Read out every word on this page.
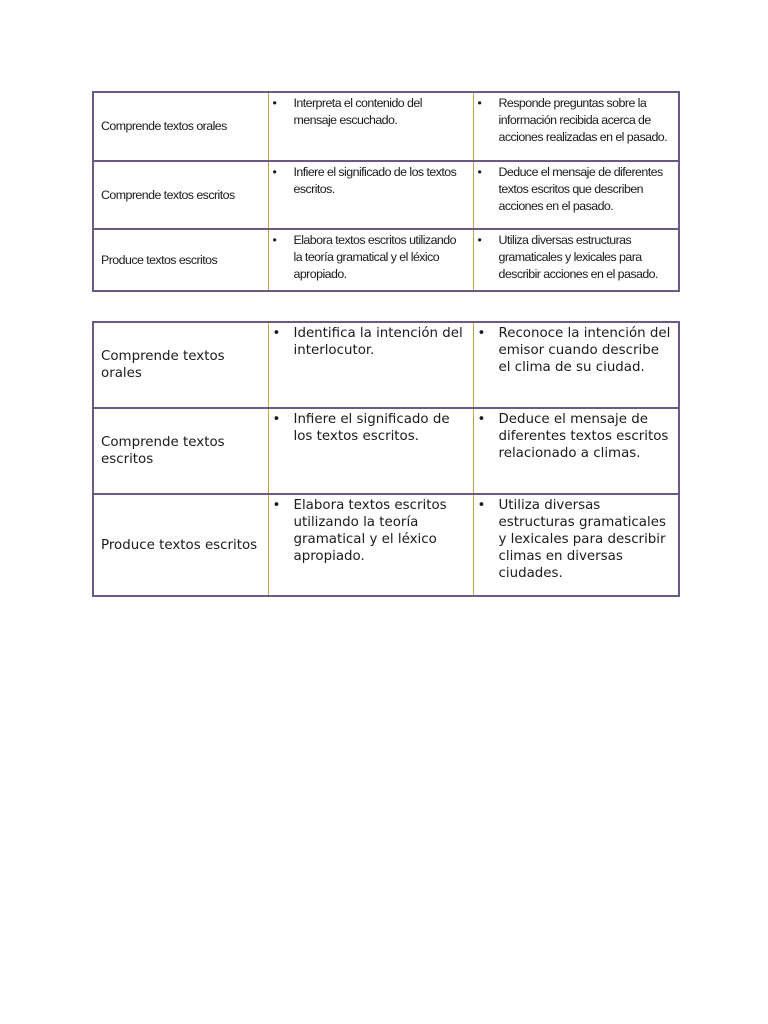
Comprende textos orales	• Interpreta el contenido del mensaje escuchado.	• Responde preguntas sobre la información recibida acerca de acciones realizadas en el pasado.

Comprende textos escritos	• Infiere el significado de los textos escritos.	• Deduce el mensaje de diferentes textos escritos que describen acciones en el pasado.

Produce textos escritos	• Elabora textos escritos utilizando la teoría gramatical y el léxico apropiado.	• Utiliza diversas estructuras gramaticales y lexicales para describir acciones en el pasado.
Comprende textos orales	• Identifica la intención del interlocutor.	• Reconoce la intención del emisor cuando describe el clima de su ciudad.

Comprende textos escritos	• Infiere el significado de los textos escritos.	• Deduce el mensaje de diferentes textos escritos relacionado a climas.

Produce textos escritos	• Elabora textos escritos utilizando la teoría gramatical y el léxico apropiado.	• Utiliza diversas estructuras gramaticales y lexicales para describir climas en diversas ciudades.
